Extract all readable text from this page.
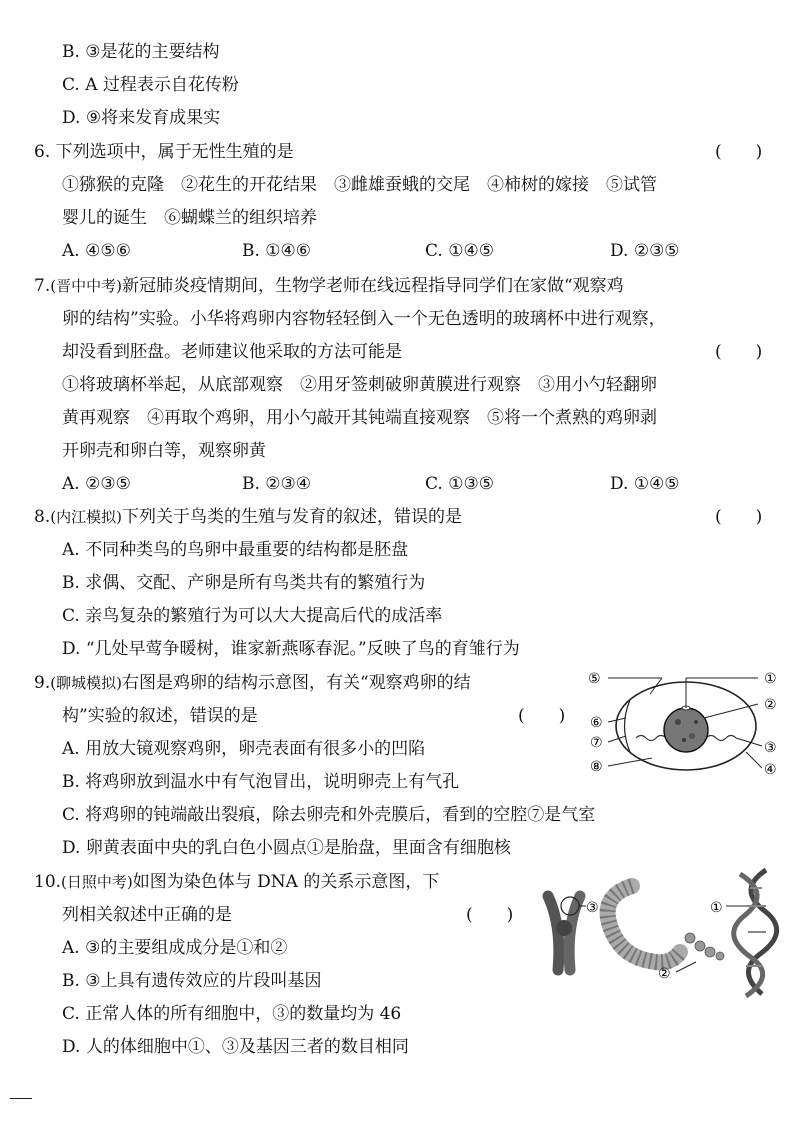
B. ③是花的主要结构
C. A 过程表示自花传粉
D. ⑨将来发育成果实
6. 下列选项中，属于无性生殖的是	(　　)
①猕猴的克隆　②花生的开花结果　③雌雄蚕蛾的交尾　④柿树的嫁接　⑤试管
婴儿的诞生　⑥蝴蝶兰的组织培养
A. ④⑤⑥	B. ①④⑥	C. ①④⑤	D. ②③⑤
7.(晋中中考)新冠肺炎疫情期间，生物学老师在线远程指导同学们在家做“观察鸡
卵的结构”实验。小华将鸡卵内容物轻轻倒入一个无色透明的玻璃杯中进行观察，
却没看到胚盘。老师建议他采取的方法可能是	(　　)
①将玻璃杯举起，从底部观察　②用牙签刺破卵黄膜进行观察　③用小勺轻翻卵
黄再观察　④再取个鸡卵，用小勺敲开其钝端直接观察　⑤将一个煮熟的鸡卵剥
开卵壳和卵白等，观察卵黄
A. ②③⑤	B. ②③④	C. ①③⑤	D. ①④⑤
8.(内江模拟)下列关于鸟类的生殖与发育的叙述，错误的是	(　　)
A. 不同种类鸟的鸟卵中最重要的结构都是胚盘
B. 求偶、交配、产卵是所有鸟类共有的繁殖行为
C. 亲鸟复杂的繁殖行为可以大大提高后代的成活率
D. “几处早莺争暖树，谁家新燕啄春泥。”反映了鸟的育雏行为
9.(聊城模拟)右图是鸡卵的结构示意图，有关“观察鸡卵的结
构”实验的叙述，错误的是	(　　)
A. 用放大镜观察鸡卵，卵壳表面有很多小的凹陷
B. 将鸡卵放到温水中有气泡冒出，说明卵壳上有气孔
C. 将鸡卵的钝端敲出裂痕，除去卵壳和外壳膜后，看到的空腔⑦是气室
D. 卵黄表面中央的乳白色小圆点①是胎盘，里面含有细胞核
①
②
③
④
⑤
⑥
⑦
⑧
10.(日照中考)如图为染色体与 DNA 的关系示意图，下
列相关叙述中正确的是	(　　)
A. ③的主要组成成分是①和②
B. ③上具有遗传效应的片段叫基因
C. 正常人体的所有细胞中，③的数量均为 46
D. 人的体细胞中①、③及基因三者的数目相同
③	①
②
